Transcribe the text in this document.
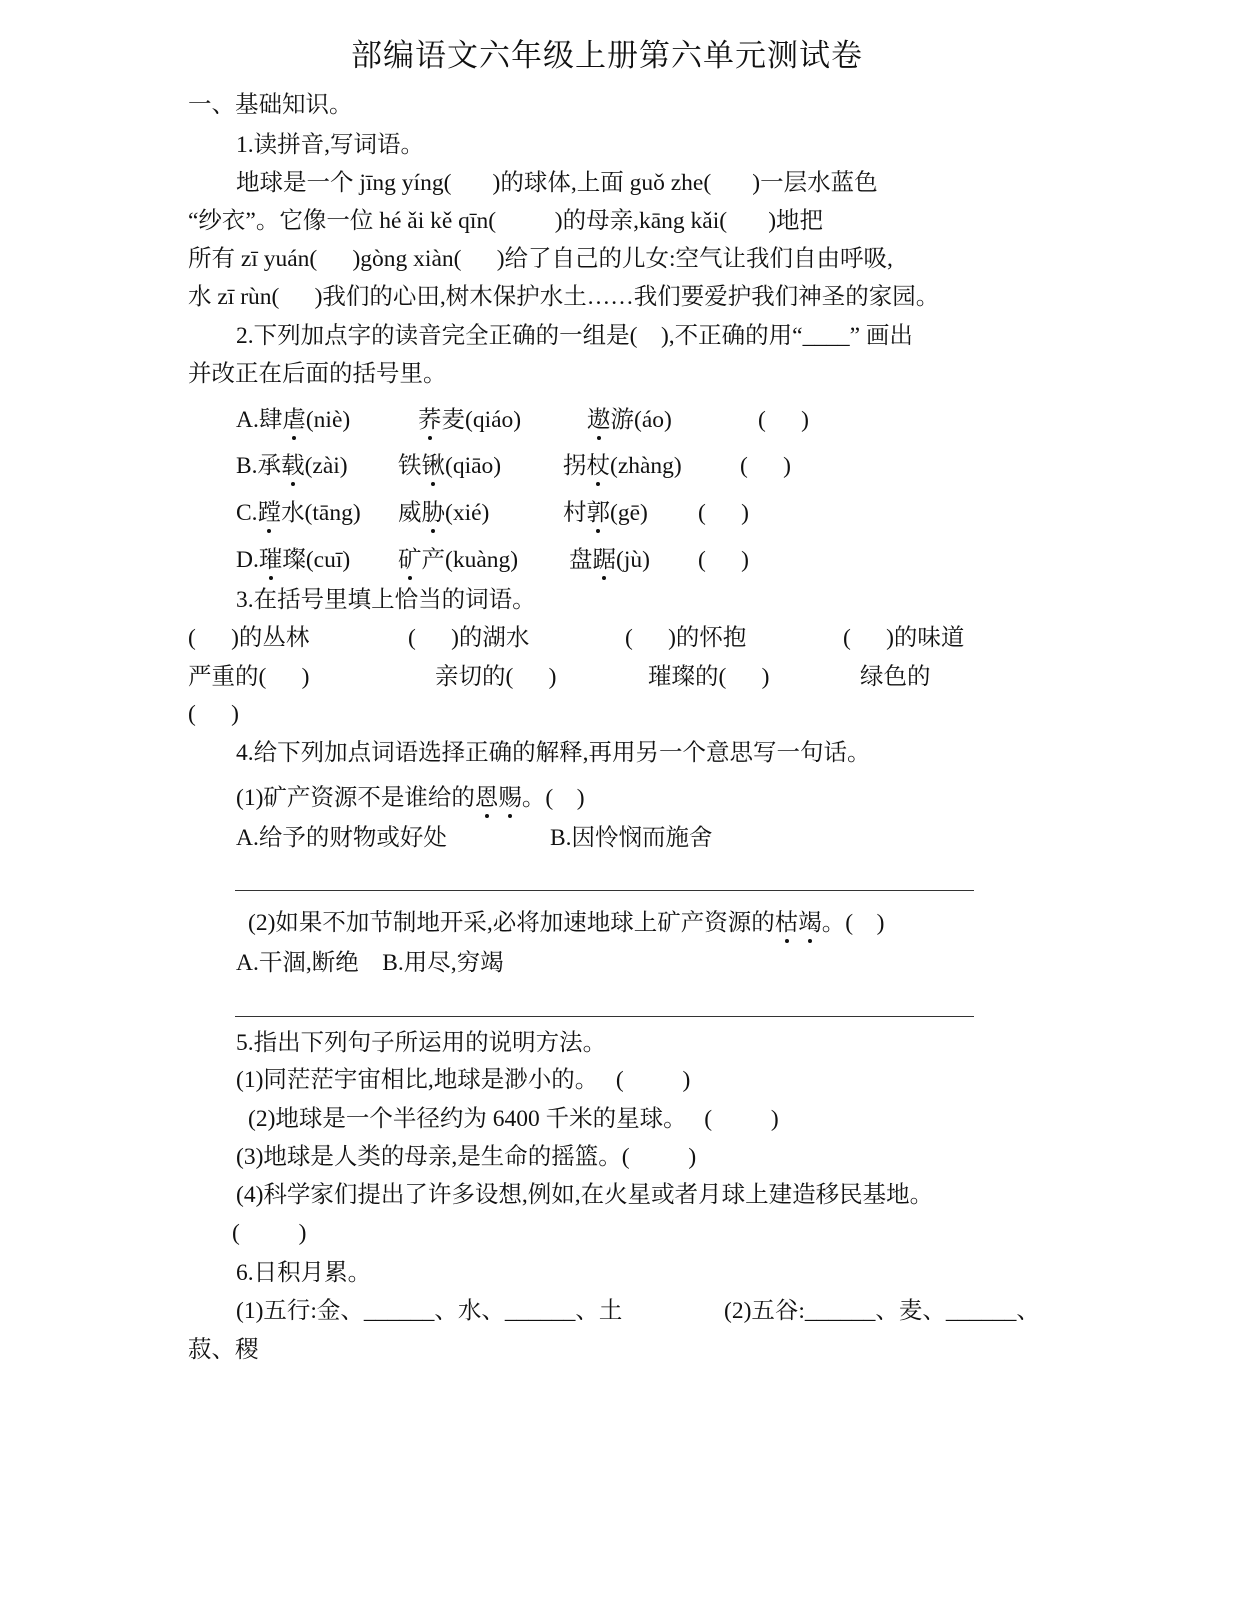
部编语文六年级上册第六单元测试卷
一、基础知识。
1.读拼音,写词语。
地球是一个 jīng yíng(       )的球体,上面 guǒ zhe(       )一层水蓝色
“纱衣”。它像一位 hé ǎi kě qīn(          )的母亲,kāng kǎi(       )地把
所有 zī yuán(      )gòng xiàn(      )给了自己的儿女:空气让我们自由呼吸,
水 zī rùn(      )我们的心田,树木保护水土……我们要爱护我们神圣的家园。
2.下列加点字的读音完全正确的一组是(    ),不正确的用“____” 画出
并改正在后面的括号里。
A.肆虐(niè)	荞麦(qiáo)	遨游(áo)	(      )
B.承载(zài) 铁锹(qiāo)	拐杖(zhàng) (      )
C.蹚水(tāng) 威胁(xié)	村郭(gē) (      )
D.璀璨(cuī) 矿产(kuàng) 盘踞(jù) (      )
3.在括号里填上恰当的词语。
(      )的丛林	(      )的湖水	(      )的怀抱	(      )的味道
严重的(      )	亲切的(      )	璀璨的(      )	绿色的
(      )
4.给下列加点词语选择正确的解释,再用另一个意思写一句话。
(1)矿产资源不是谁给的恩赐。(    )
A.给予的财物或好处	B.因怜悯而施舍
(2)如果不加节制地开采,必将加速地球上矿产资源的枯竭。(    )
A.干涸,断绝    B.用尽,穷竭
5.指出下列句子所运用的说明方法。
(1)同茫茫宇宙相比,地球是渺小的。   (          )
(2)地球是一个半径约为 6400 千米的星球。   (          )
(3)地球是人类的母亲,是生命的摇篮。(          )
(4)科学家们提出了许多设想,例如,在火星或者月球上建造移民基地。
(          )
6.日积月累。
(1)五行:金、______、水、______、土	(2)五谷:______、麦、______、
菽、稷
